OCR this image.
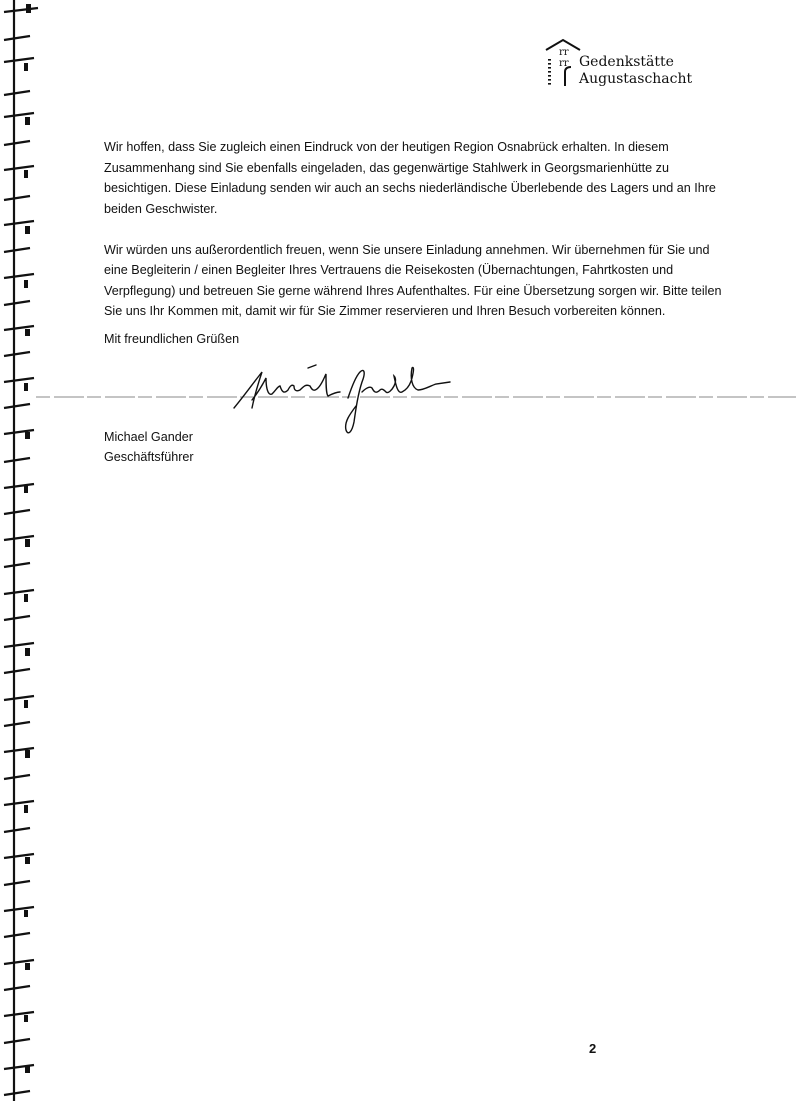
rr
rr Gedenkstätte
Augustaschacht

Wir hoffen, dass Sie zugleich einen Eindruck von der heutigen Region Osnabrück erhalten. In diesem Zusammenhang sind Sie ebenfalls eingeladen, das gegenwärtige Stahlwerk in Georgsmarienhütte zu besichtigen. Diese Einladung senden wir auch an sechs niederländische Überlebende des Lagers und an Ihre beiden Geschwister.

Wir würden uns außerordentlich freuen, wenn Sie unsere Einladung annehmen. Wir übernehmen für Sie und eine Begleiterin / einen Begleiter Ihres Vertrauens die Reisekosten (Übernachtungen, Fahrtkosten und Verpflegung) und betreuen Sie gerne während Ihres Aufenthaltes. Für eine Übersetzung sorgen wir. Bitte teilen Sie uns Ihr Kommen mit, damit wir für Sie Zimmer reservieren und Ihren Besuch vorbereiten können.

Mit freundlichen Grüßen
Michael Gander
Geschäftsführer
2
